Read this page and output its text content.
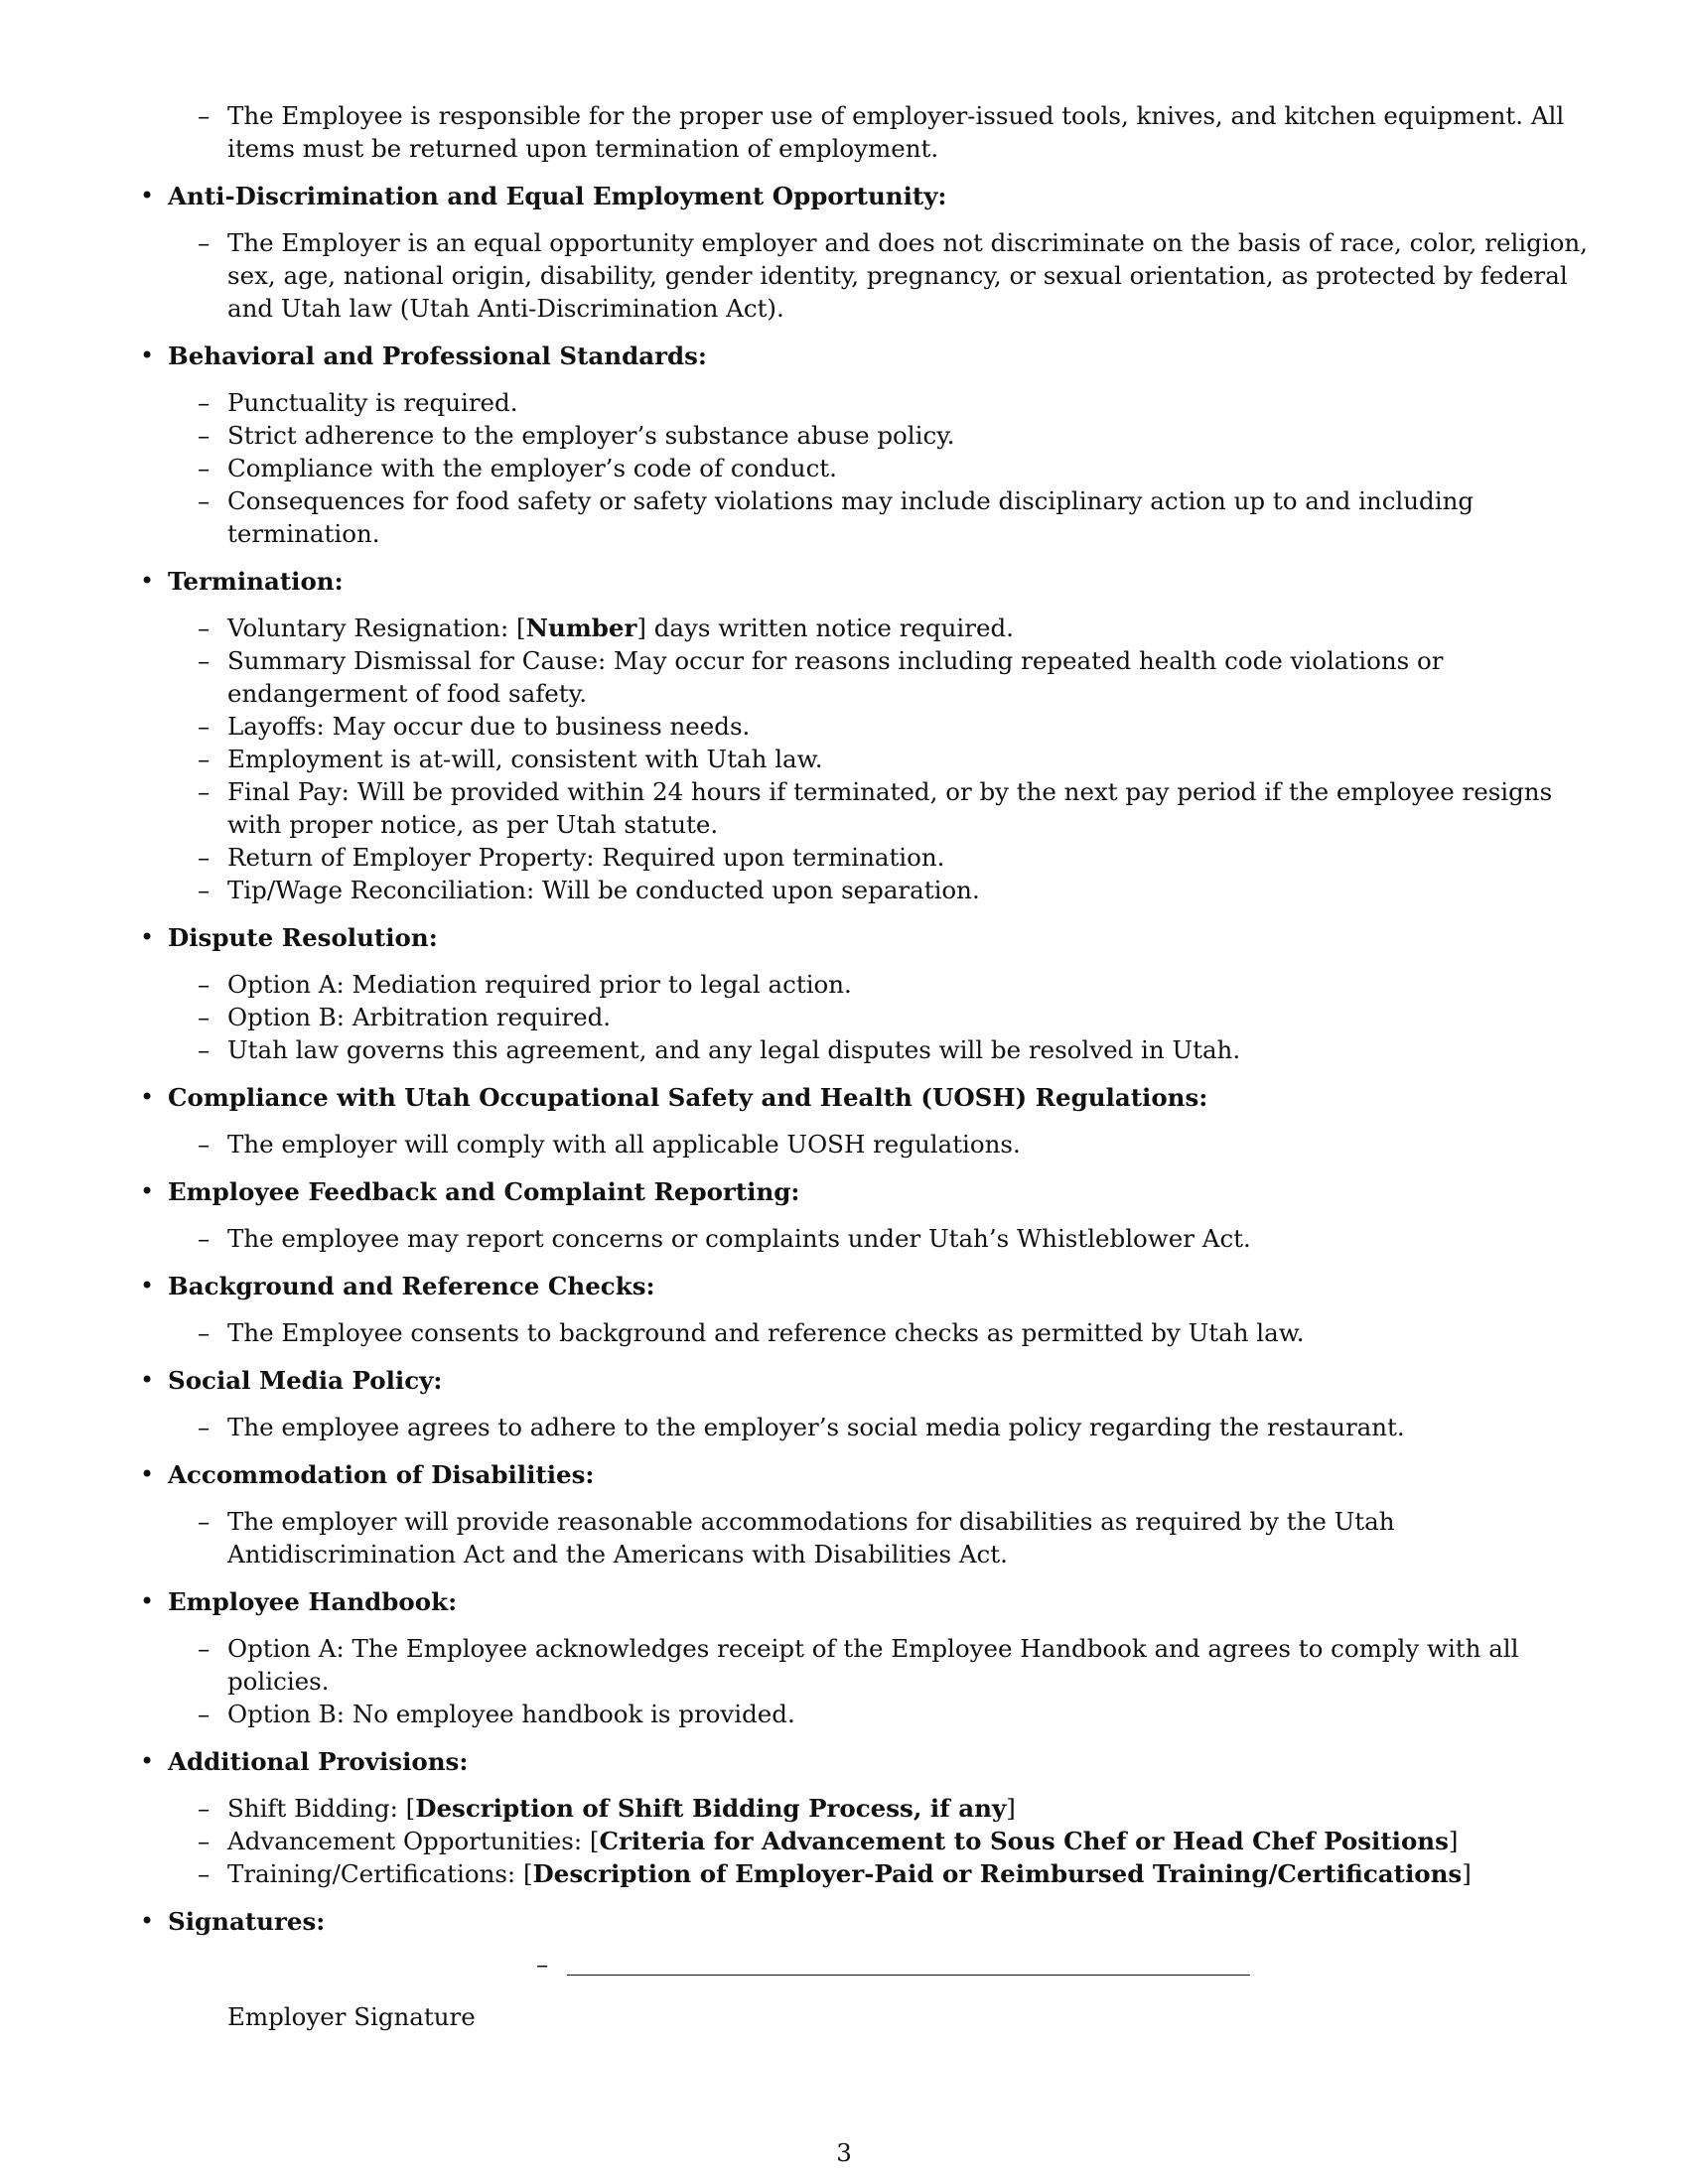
– The Employee is responsible for the proper use of employer-issued tools, knives, and kitchen equipment. All items must be returned upon termination of employment.
• Anti-Discrimination and Equal Employment Opportunity:
– The Employer is an equal opportunity employer and does not discriminate on the basis of race, color, religion, sex, age, national origin, disability, gender identity, pregnancy, or sexual orientation, as protected by federal and Utah law (Utah Anti-Discrimination Act).
• Behavioral and Professional Standards:
– Punctuality is required.
– Strict adherence to the employer’s substance abuse policy.
– Compliance with the employer’s code of conduct.
– Consequences for food safety or safety violations may include disciplinary action up to and including termination.
• Termination:
– Voluntary Resignation: [Number] days written notice required.
– Summary Dismissal for Cause: May occur for reasons including repeated health code violations or endangerment of food safety.
– Layoffs: May occur due to business needs.
– Employment is at-will, consistent with Utah law.
– Final Pay: Will be provided within 24 hours if terminated, or by the next pay period if the employee resigns with proper notice, as per Utah statute.
– Return of Employer Property: Required upon termination.
– Tip/Wage Reconciliation: Will be conducted upon separation.
• Dispute Resolution:
– Option A: Mediation required prior to legal action.
– Option B: Arbitration required.
– Utah law governs this agreement, and any legal disputes will be resolved in Utah.
• Compliance with Utah Occupational Safety and Health (UOSH) Regulations:
– The employer will comply with all applicable UOSH regulations.
• Employee Feedback and Complaint Reporting:
– The employee may report concerns or complaints under Utah’s Whistleblower Act.
• Background and Reference Checks:
– The Employee consents to background and reference checks as permitted by Utah law.
• Social Media Policy:
– The employee agrees to adhere to the employer’s social media policy regarding the restaurant.
• Accommodation of Disabilities:
– The employer will provide reasonable accommodations for disabilities as required by the Utah Antidiscrimination Act and the Americans with Disabilities Act.
• Employee Handbook:
– Option A: The Employee acknowledges receipt of the Employee Handbook and agrees to comply with all policies.
– Option B: No employee handbook is provided.
• Additional Provisions:
– Shift Bidding: [Description of Shift Bidding Process, if any]
– Advancement Opportunities: [Criteria for Advancement to Sous Chef or Head Chef Positions]
– Training/Certifications: [Description of Employer-Paid or Reimbursed Training/Certifications]
• Signatures:
–
Employer Signature
3
